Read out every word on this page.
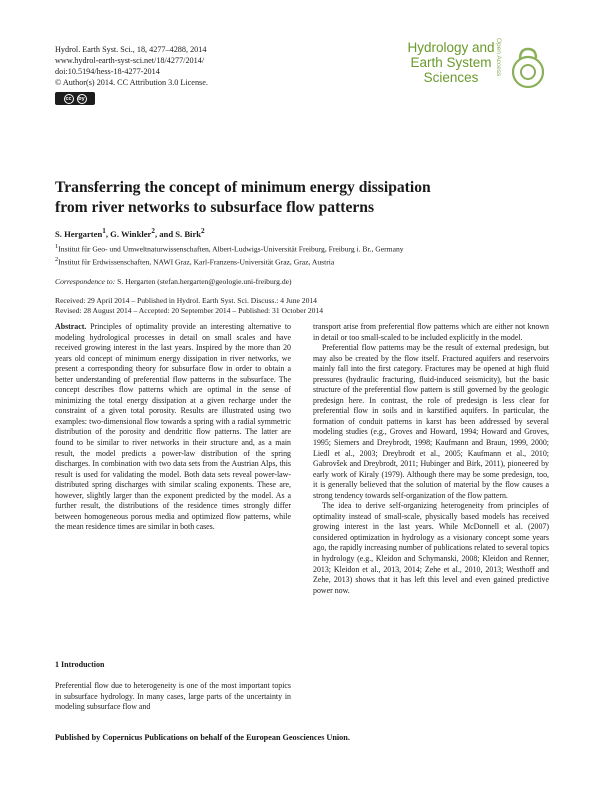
Hydrol. Earth Syst. Sci., 18, 4277–4288, 2014
www.hydrol-earth-syst-sci.net/18/4277/2014/
doi:10.5194/hess-18-4277-2014
© Author(s) 2014. CC Attribution 3.0 License.
cc	by
Hydrology and
Earth System
Sciences
Open Access
Transferring the concept of minimum energy dissipation
from river networks to subsurface flow patterns
S. Hergarten$^1$, G. Winkler$^2$, and S. Birk$^2$
$^1$Institut für Geo- und Umweltnaturwissenschaften, Albert-Ludwigs-Universität Freiburg, Freiburg i. Br., Germany
$^2$Institut für Erdwissenschaften, NAWI Graz, Karl-Franzens-Universität Graz, Graz, Austria
Correspondence to: S. Hergarten (stefan.hergarten@geologie.uni-freiburg.de)
Received: 29 April 2014 – Published in Hydrol. Earth Syst. Sci. Discuss.: 4 June 2014
Revised: 28 August 2014 – Accepted: 20 September 2014 – Published: 31 October 2014

Abstract. Principles of optimality provide an interesting alternative to modeling hydrological processes in detail on small scales and have received growing interest in the last years. Inspired by the more than 20 years old concept of minimum energy dissipation in river networks, we present a corresponding theory for subsurface flow in order to obtain a better understanding of preferential flow patterns in the subsurface. The concept describes flow patterns which are optimal in the sense of minimizing the total energy dissipation at a given recharge under the constraint of a given total porosity. Results are illustrated using two examples: two-dimensional flow towards a spring with a radial symmetric distribution of the porosity and dendritic flow patterns. The latter are found to be similar to river networks in their structure and, as a main result, the model predicts a power-law distribution of the spring discharges. In combination with two data sets from the Austrian Alps, this result is used for validating the model. Both data sets reveal power-law-distributed spring discharges with similar scaling exponents. These are, however, slightly larger than the exponent predicted by the model. As a further result, the distributions of the residence times strongly differ between homogeneous porous media and optimized flow patterns, while the mean residence times are similar in both cases.

1 Introduction

Preferential flow due to heterogeneity is one of the most important topics in subsurface hydrology. In many cases, large parts of the uncertainty in modeling subsurface flow and

transport arise from preferential flow patterns which are either not known in detail or too small-scaled to be included explicitly in the model.

Preferential flow patterns may be the result of external predesign, but may also be created by the flow itself. Fractured aquifers and reservoirs mainly fall into the first category. Fractures may be opened at high fluid pressures (hydraulic fracturing, fluid-induced seismicity), but the basic structure of the preferential flow pattern is still governed by the geologic predesign here. In contrast, the role of predesign is less clear for preferential flow in soils and in karstified aquifers. In particular, the formation of conduit patterns in karst has been addressed by several modeling studies (e.g., Groves and Howard, 1994; Howard and Groves, 1995; Siemers and Dreybrodt, 1998; Kaufmann and Braun, 1999, 2000; Liedl et al., 2003; Dreybrodt et al., 2005; Kaufmann et al., 2010; Gabrovšek and Dreybrodt, 2011; Hubinger and Birk, 2011), pioneered by early work of Kiraly (1979). Although there may be some predesign, too, it is generally believed that the solution of material by the flow causes a strong tendency towards self-organization of the flow pattern.

The idea to derive self-organizing heterogeneity from principles of optimality instead of small-scale, physically based models has received growing interest in the last years. While McDonnell et al. (2007) considered optimization in hydrology as a visionary concept some years ago, the rapidly increasing number of publications related to several topics in hydrology (e.g., Kleidon and Schymanski, 2008; Kleidon and Renner, 2013; Kleidon et al., 2013, 2014; Zehe et al., 2010, 2013; Westhoff and Zehe, 2013) shows that it has left this level and even gained predictive power now.

Published by Copernicus Publications on behalf of the European Geosciences Union.
